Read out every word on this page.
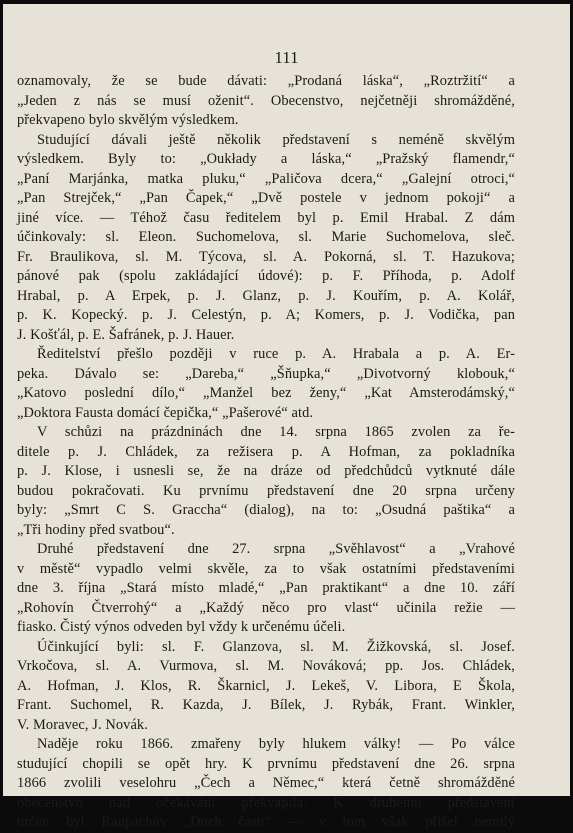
111
oznamovaly, že se bude dávati: „Prodaná láska“, „Roztržití“ a
„Jeden z nás se musí oženit“. Obecenstvo, nejčetněji shromážděné,
překvapeno bylo skvělým výsledkem.
Studující dávali ještě několik představení s neméně skvělým
výsledkem. Byly to: „Oukłady a láska,“ „Pražský flamendr,“
„Paní Marjánka, matka pluku,“ „Paličova dcera,“ „Galejní otroci,“
„Pan Strejček,“ „Pan Čapek,“ „Dvě postele v jednom pokoji“ a
jiné více. — Téhož času ředitelem byl p. Emil Hrabal. Z dám
účinkovaly: sl. Eleon. Suchomelova, sl. Marie Suchomelova, sleč.
Fr. Braulikova, sl. M. Týcova, sl. A. Pokorná, sl. T. Hazukova;
pánové pak (spolu zakládající údové): p. F. Příhoda, p. Adolf
Hrabal, p. A Erpek, p. J. Glanz, p. J. Kouřím, p. A. Kolář,
p. K. Kopecký. p. J. Celestýn, p. A; Komers, p. J. Vodička, pan
J. Košťál, p. E. Šafránek, p. J. Hauer.
Ředitelství přešlo později v ruce p. A. Hrabala a p. A. Er-
peka. Dávalo se: „Dareba,“ „Šňupka,“ „Divotvorný klobouk,“
„Katovo poslední dílo,“ „Manžel bez ženy,“ „Kat Amsterodámský,“
„Doktora Fausta domácí čepička,“ „Pašerové“ atd.
V schůzi na prázdninách dne 14. srpna 1865 zvolen za ře-
ditele p. J. Chládek, za režisera p. A Hofman, za pokladníka
p. J. Klose, i usnesli se, že na dráze od předchůdců vytknuté dále
budou pokračovati. Ku prvnímu představení dne 20 srpna určeny
byly: „Smrt C S. Graccha“ (dialog), na to: „Osudná paštika“ a
„Tři hodiny před svatbou“.
Druhé představení dne 27. srpna „Svěhlavost“ a „Vrahové
v městě“ vypadlo velmi skvěle, za to však ostatními představeními
dne 3. října „Stará místo mladé,“ „Pan praktikant“ a dne 10. září
„Rohovín Čtverrohý“ a „Každý něco pro vlast“ učinila režie —
fiasko. Čistý výnos odveden byl vždy k určenému účeli.
Účinkující byli: sl. F. Glanzova, sl. M. Žižkovská, sl. Josef.
Vrkočova, sl. A. Vurmova, sl. M. Nováková; pp. Jos. Chládek,
A. Hofman, J. Klos, R. Škarnicl, J. Lekeš, V. Libora, E Škola,
Frant. Suchomel, R. Kazda, J. Bílek, J. Rybák, Frant. Winkler,
V. Moravec, J. Novák.
Naděje roku 1866. zmařeny byly hlukem války! — Po válce
studující chopili se opět hry. K prvnímu představení dne 26. srpna
1866 zvolili veselohru „Čech a Němec,“ která četně shromážděné
obecenstvo nad očekávání překvapila. K druhému představení
určen byl Raupachův „Duch času“ — v tom však přišel nemilý
